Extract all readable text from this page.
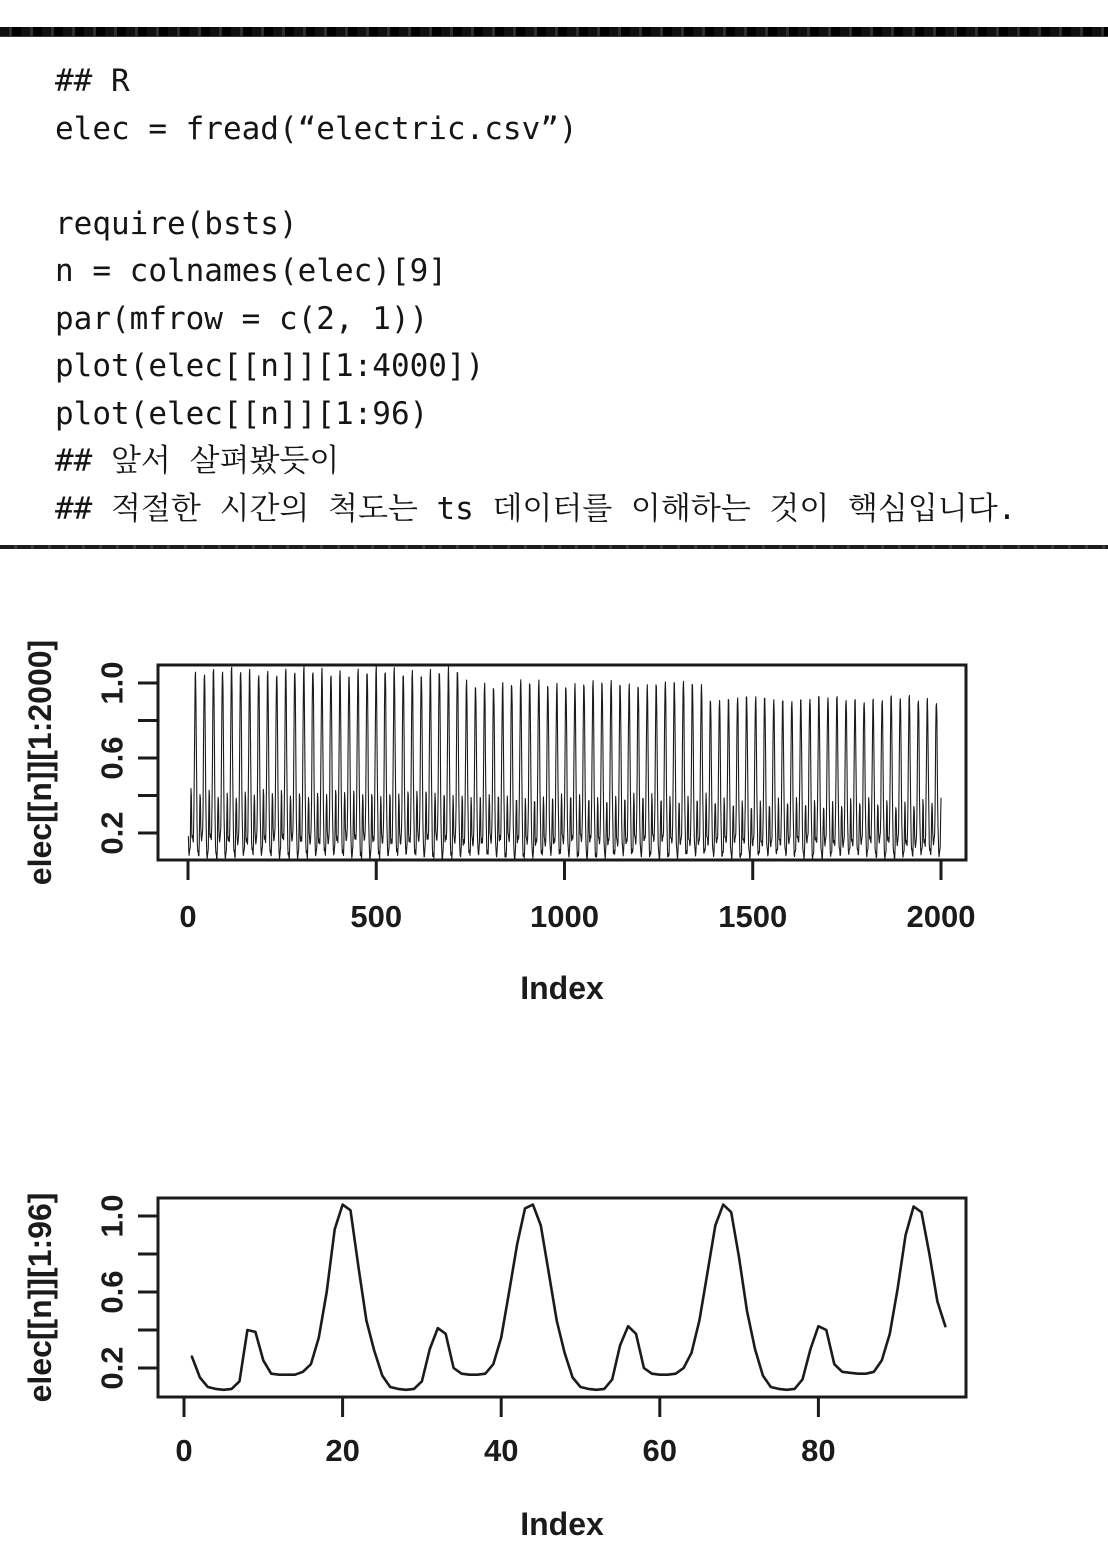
## R
elec = fread(“electric.csv”)

require(bsts)
n = colnames(elec)[9]
par(mfrow = c(2, 1))
plot(elec[[n]][1:4000])
plot(elec[[n]][1:96)
## 앞서 살펴봤듯이
## 적절한 시간의 척도는 ts 데이터를 이해하는 것이 핵심입니다.
0.2
0.6
1.0
0	500	1000	1500	2000
elec[[n]][1:2000]
Index
0.2
0.6
1.0
0	20	40	60	80
elec[[n]][1:96]
Index
